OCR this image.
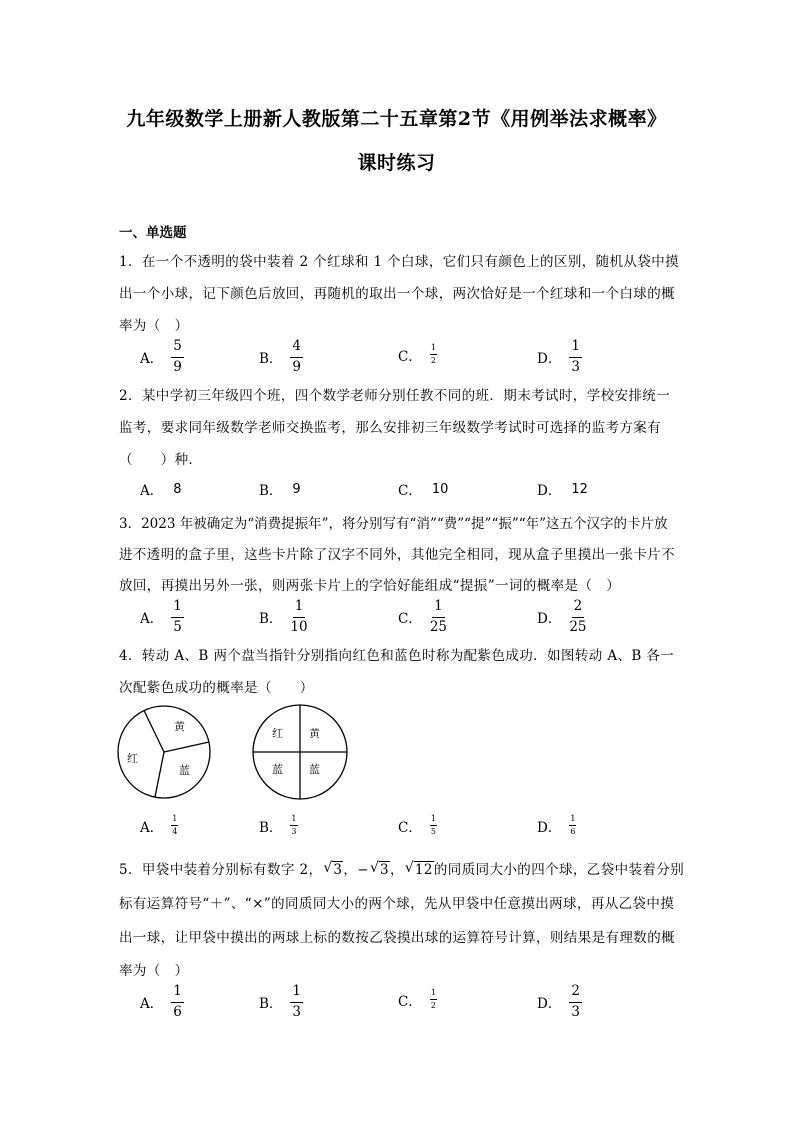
九年级数学上册新人教版第二十五章第2节《用例举法求概率》
课时练习
一、单选题
1．在一个不透明的袋中装着 2 个红球和 1 个白球，它们只有颜色上的区别，随机从袋中摸
出一个小球，记下颜色后放回，再随机的取出一个球，两次恰好是一个红球和一个白球的概
率为（　）
A． $\frac{5}{9}$	B． $\frac{4}{9}$	C． $\frac{1}{2}$	D． $\frac{1}{3}$
2．某中学初三年级四个班，四个数学老师分别任教不同的班．期末考试时，学校安排统一
监考，要求同年级数学老师交换监考，那么安排初三年级数学考试时可选择的监考方案有
（　　）种．
A． 8	B． 9	C． 10	D． 12
3．2023 年被确定为“消费提振年”，将分别写有“消”“费”“提”“振”“年”这五个汉字的卡片放
进不透明的盒子里，这些卡片除了汉字不同外，其他完全相同，现从盒子里摸出一张卡片不
放回，再摸出另外一张，则两张卡片上的字恰好能组成“提振”一词的概率是（　）
A． $\frac{1}{5}$	B． $\frac{1}{10}$	C． $\frac{1}{25}$	D． $\frac{2}{25}$
4．转动 A、B 两个盘当指针分别指向红色和蓝色时称为配紫色成功．如图转动 A、B 各一
次配紫色成功的概率是（　　）
黄
红
蓝
红 黄
蓝 蓝
A． $\frac{1}{4}$	B． $\frac{1}{3}$	C． $\frac{1}{5}$	D． $\frac{1}{6}$
5．甲袋中装着分别标有数字 2， √ 3，− √ 3， √ 12的同质同大小的四个球，乙袋中装着分别
标有运算符号“＋”、“×”的同质同大小的两个球，先从甲袋中任意摸出两球，再从乙袋中摸
出一球，让甲袋中摸出的两球上标的数按乙袋摸出球的运算符号计算，则结果是有理数的概
率为（　）
A． $\frac{1}{6}$	B． $\frac{1}{3}$	C． $\frac{1}{2}$	D． $\frac{2}{3}$
